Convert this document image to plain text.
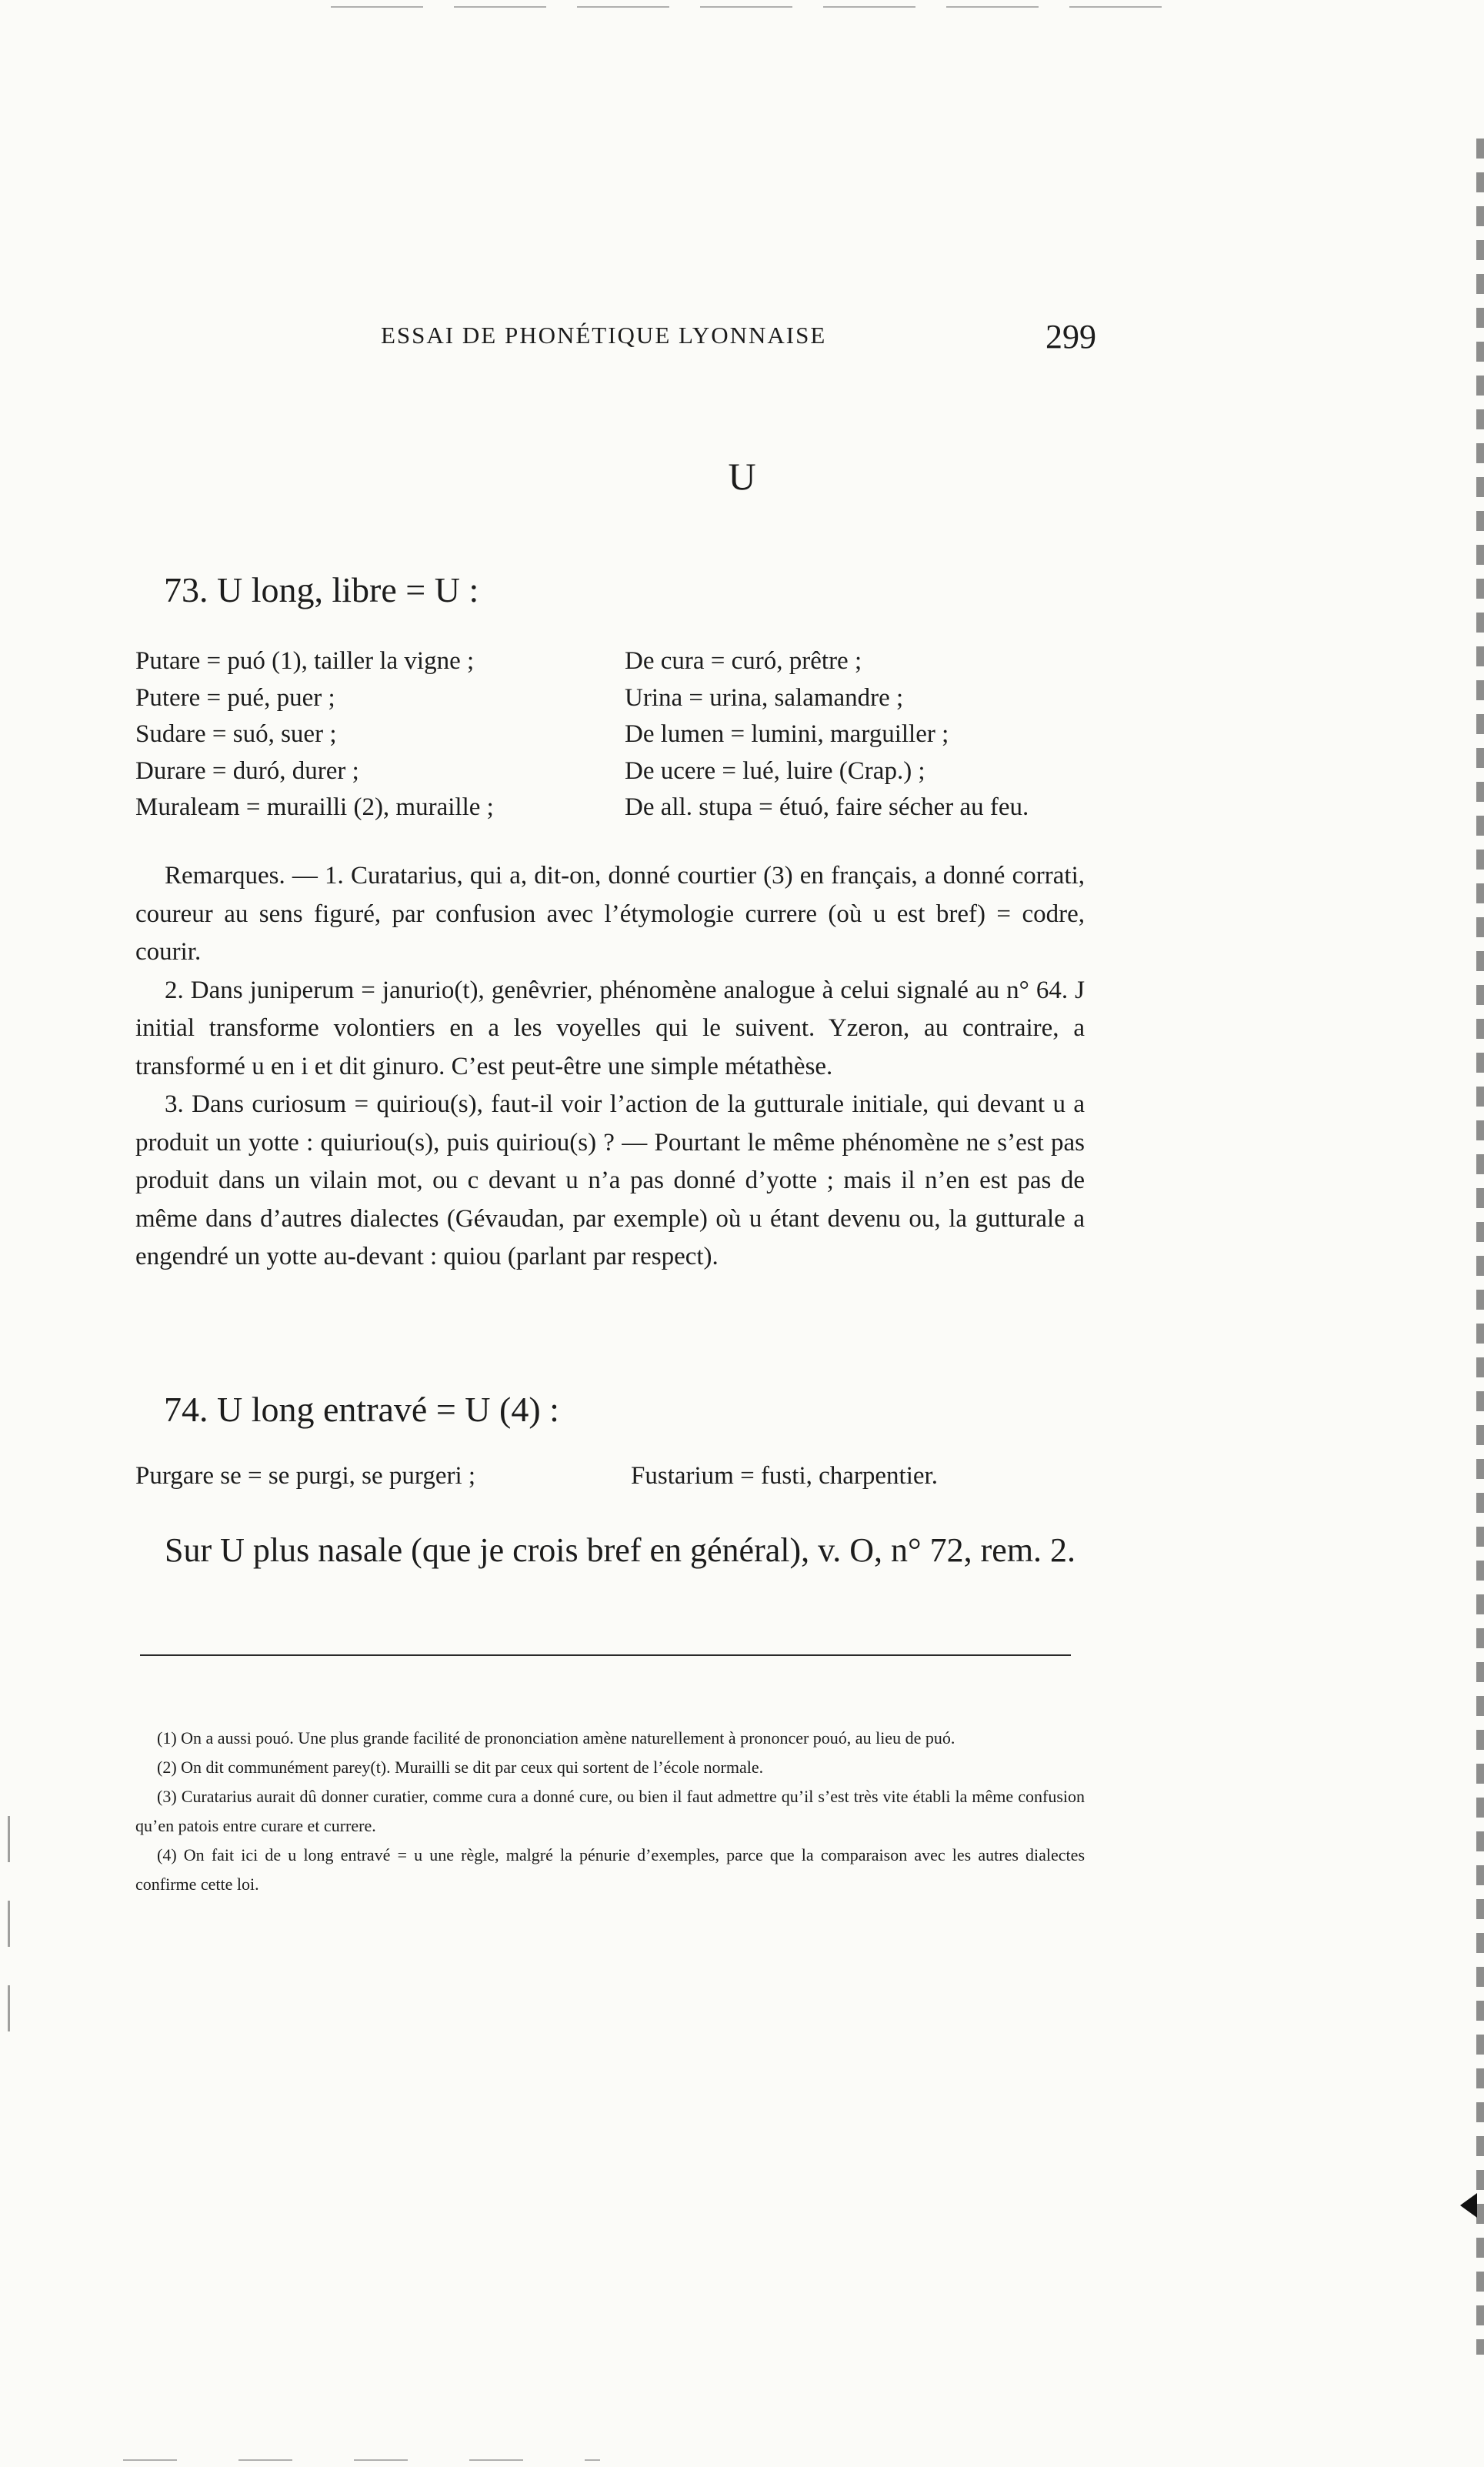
ESSAI DE PHONÉTIQUE LYONNAISE	299
U
73. U long, libre = U :
Putare = puó (1), tailler la vigne ;
Putere = pué, puer ;
Sudare = suó, suer ;
Durare = duró, durer ;
Muraleam = murailli (2), muraille ;
De cura = curó, prêtre ;
Urina = urina, salamandre ;
De lumen = lumini, marguiller ;
De ucere = lué, luire (Crap.) ;
De all. stupa = étuó, faire sécher au feu.

Remarques. — 1. Curatarius, qui a, dit-on, donné courtier (3) en français, a donné corrati, coureur au sens figuré, par confusion avec l’étymologie currere (où u est bref) = codre, courir.

2. Dans juniperum = janurio(t), genêvrier, phénomène analogue à celui signalé au n° 64. J initial transforme volontiers en a les voyelles qui le suivent. Yzeron, au contraire, a transformé u en i et dit ginuro. C’est peut-être une simple métathèse.

3. Dans curiosum = quiriou(s), faut-il voir l’action de la gutturale initiale, qui devant u a produit un yotte : quiuriou(s), puis quiriou(s) ? — Pourtant le même phénomène ne s’est pas produit dans un vilain mot, ou c devant u n’a pas donné d’yotte ; mais il n’en est pas de même dans d’autres dialectes (Gévaudan, par exemple) où u étant devenu ou, la gutturale a engendré un yotte au-devant : quiou (parlant par respect).

74. U long entravé = U (4) :
Purgare se = se purgi, se purgeri ;	Fustarium = fusti, charpentier.
Sur U plus nasale (que je crois bref en général), v. O, n° 72, rem. 2.
(1) On a aussi pouó. Une plus grande facilité de prononciation amène naturellement à prononcer pouó, au lieu de puó.
(2) On dit communément parey(t). Murailli se dit par ceux qui sortent de l’école normale.
(3) Curatarius aurait dû donner curatier, comme cura a donné cure, ou bien il faut admettre qu’il s’est très vite établi la même confusion qu’en patois entre curare et currere.
(4) On fait ici de u long entravé = u une règle, malgré la pénurie d’exemples, parce que la comparaison avec les autres dialectes confirme cette loi.
